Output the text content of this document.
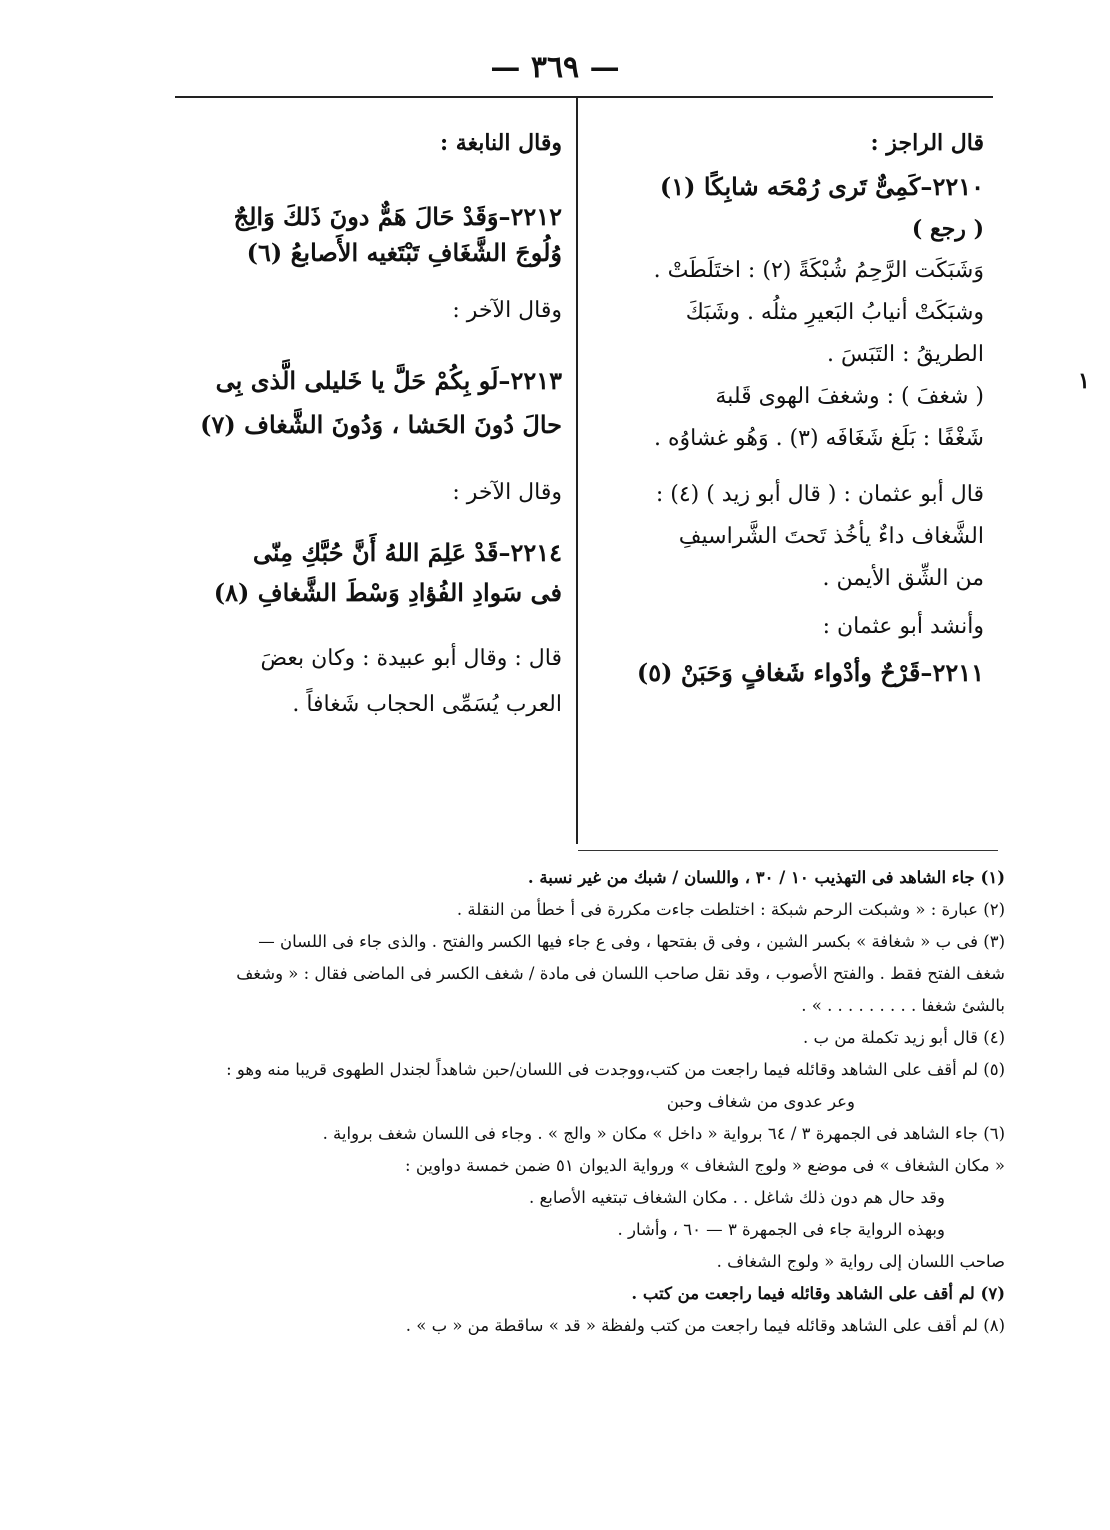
— ٣٦٩ —
١

قال الراجز :

٢٢١٠–كَمِىٌّ تَرى رُمْحَه شابِكًا (١)

( رجع )

وَشَبَكَت الرَّحِمُ شُبْكَةً (٢) : اختَلَطَتْ .

وشبَكَتْ أنيابُ البَعيرِ مثلُه . وشَبَكَ

الطريقُ : التَبَسَ .

( شغفَ ) : وشغفَ الهوى قَلبهَ

شَغْفًا : بَلَغ شَغَافَه (٣) . وَهُو غشاوُه .

قال أبو عثمان : ( قال أبو زيد ) (٤) :

الشَّغاف داءٌ يأخُذ تَحتَ الشَّراسيفِ

من الشِّق الأيمن .

وأنشد أبو عثمان :

٢٢١١–قَرْحٌ وأدْواء شَغافٍ وَحَبَنْ (٥)

وقال النابغة :

٢٢١٢–وَقَدْ حَالَ هَمٌّ دونَ ذَلكَ وَالِجٌ

وُلُوجَ الشَّغَافِ تَبْتَغيه الأَصابعُ (٦)

وقال الآخر :

٢٢١٣–لَو بِكُمْ حَلَّ يا خَليلى الَّذى بِى

حالَ دُونَ الحَشا ، وَدُونَ الشَّغاف (٧)

وقال الآخر :

٢٢١٤–قَدْ عَلِمَ اللهُ أَنَّ حُبَّكِ مِنّى

فى سَوادِ الفُؤادِ وَسْطَ الشَّغافِ (٨)

قال : وقال أبو عبيدة : وكان بعضَ

العرب يُسَمِّى الحجاب شَغافاً .

(١) جاء الشاهد فى التهذيب ١٠ / ٣٠ ، واللسان / شبك من غير نسبة .

(٢) عبارة : « وشبكت الرحم شبكة : اختلطت جاءت مكررة فى أ خطأ من النقلة .

(٣) فى ب « شغافة » بكسر الشين ، وفى ق بفتحها ، وفى ع جاء فيها الكسر والفتح . والذى جاء فى اللسان —

شغف الفتح فقط . والفتح الأصوب ، وقد نقل صاحب اللسان فى مادة / شغف الكسر فى الماضى فقال : « وشغف

بالشئ شغفا . . . . . . . . . » .

(٤) قال أبو زيد تكملة من ب .

(٥) لم أقف على الشاهد وقائله فيما راجعت من كتب،ووجدت فى اللسان/حبن شاهداً لجندل الطهوى قريبا منه وهو :

وعر عدوى من شغاف وحبن

(٦) جاء الشاهد فى الجمهرة ٣ / ٦٤ برواية « داخل » مكان « والج » . وجاء فى اللسان شغف برواية .

« مكان الشغاف » فى موضع « ولوج الشغاف » ورواية الديوان ٥١ ضمن خمسة دواوين :

وقد حال هم دون ذلك شاغل . . مكان الشغاف تبتغيه الأصابع .

وبهذه الرواية جاء فى الجمهرة ٣ — ٦٠ ، وأشار .

صاحب اللسان إلى رواية « ولوج الشغاف .

(٧) لم أقف على الشاهد وقائله فيما راجعت من كتب .

(٨) لم أقف على الشاهد وقائله فيما راجعت من كتب ولفظة « قد » ساقطة من « ب » .
